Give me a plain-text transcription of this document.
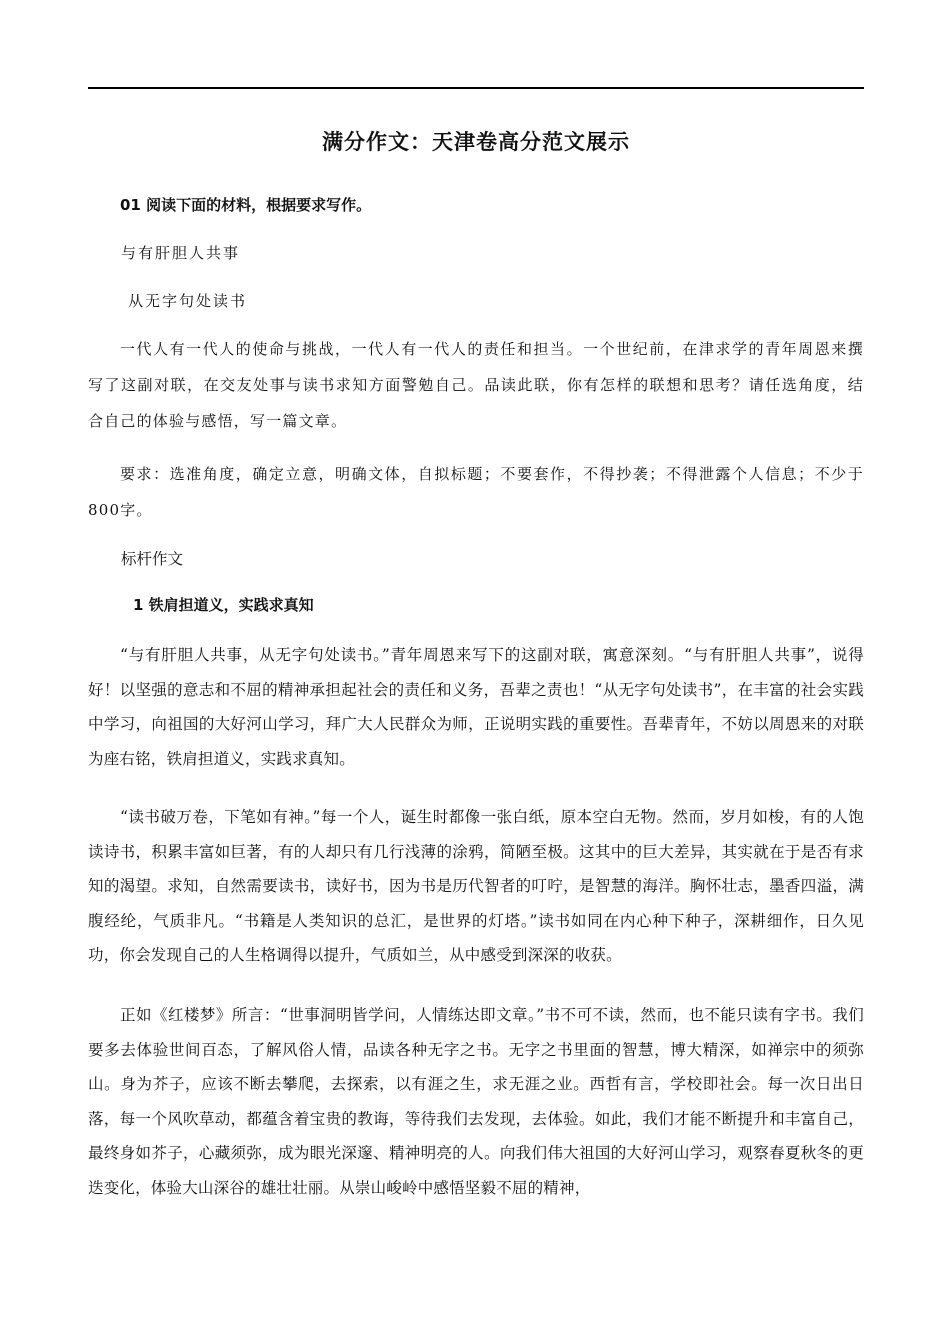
满分作文：天津卷高分范文展示
01 阅读下面的材料，根据要求写作。
与有肝胆人共事
从无字句处读书

一代人有一代人的使命与挑战，一代人有一代人的责任和担当。一个世纪前，在津求学的青年周恩来撰写了这副对联，在交友处事与读书求知方面警勉自己。品读此联，你有怎样的联想和思考？请任选角度，结合自己的体验与感悟，写一篇文章。

要求：选准角度，确定立意，明确文体，自拟标题；不要套作，不得抄袭；不得泄露个人信息；不少于800字。

标杆作文
1 铁肩担道义，实践求真知

“与有肝胆人共事，从无字句处读书。”青年周恩来写下的这副对联，寓意深刻。“与有肝胆人共事”，说得好！以坚强的意志和不屈的精神承担起社会的责任和义务，吾辈之责也！“从无字句处读书”，在丰富的社会实践中学习，向祖国的大好河山学习，拜广大人民群众为师，正说明实践的重要性。吾辈青年，不妨以周恩来的对联为座右铭，铁肩担道义，实践求真知。

“读书破万卷，下笔如有神。”每一个人，诞生时都像一张白纸，原本空白无物。然而，岁月如梭，有的人饱读诗书，积累丰富如巨著，有的人却只有几行浅薄的涂鸦，简陋至极。这其中的巨大差异，其实就在于是否有求知的渴望。求知，自然需要读书，读好书，因为书是历代智者的叮咛，是智慧的海洋。胸怀壮志，墨香四溢，满腹经纶，气质非凡。“书籍是人类知识的总汇，是世界的灯塔。”读书如同在内心种下种子，深耕细作，日久见功，你会发现自己的人生格调得以提升，气质如兰，从中感受到深深的收获。

正如《红楼梦》所言：“世事洞明皆学问，人情练达即文章。”书不可不读，然而，也不能只读有字书。我们要多去体验世间百态，了解风俗人情，品读各种无字之书。无字之书里面的智慧，博大精深，如禅宗中的须弥山。身为芥子，应该不断去攀爬，去探索，以有涯之生，求无涯之业。西哲有言，学校即社会。每一次日出日落，每一个风吹草动，都蕴含着宝贵的教诲，等待我们去发现，去体验。如此，我们才能不断提升和丰富自己，最终身如芥子，心藏须弥，成为眼光深邃、精神明亮的人。向我们伟大祖国的大好河山学习，观察春夏秋冬的更迭变化，体验大山深谷的雄壮壮丽。从崇山峻岭中感悟坚毅不屈的精神，
